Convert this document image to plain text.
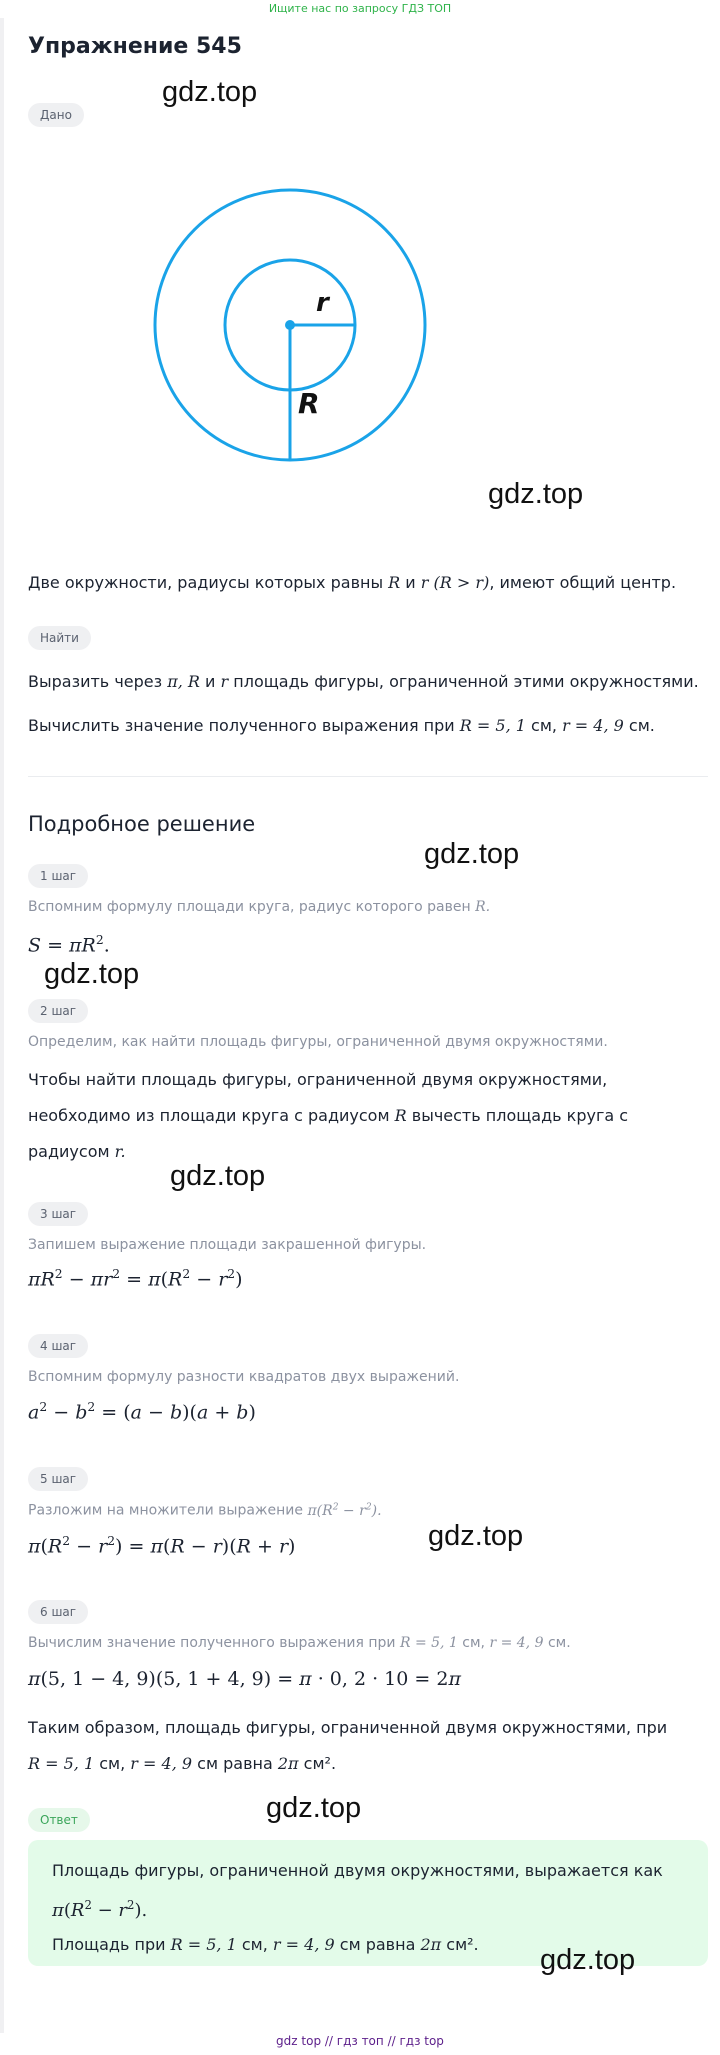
Ищите нас по запросу ГДЗ ТОП
Упражнение 545
Дано
r
R
Две окружности, радиусы которых равны R и r (R > r), имеют общий центр.
Найти
Выразить через π, R и r площадь фигуры, ограниченной этими окружностями.
Вычислить значение полученного выражения при R = 5, 1 см, r = 4, 9 см.
Подробное решение
1 шаг
Вспомним формулу площади круга, радиус которого равен R.
$S = \pi R^2$.
2 шаг
Определим, как найти площадь фигуры, ограниченной двумя окружностями.
Чтобы найти площадь фигуры, ограниченной двумя окружностями,
необходимо из площади круга с радиусом R вычесть площадь круга с
радиусом r.
3 шаг
Запишем выражение площади закрашенной фигуры.
$\pi R^2 - \pi r^2 = \pi(R^2 - r^2)$
4 шаг
Вспомним формулу разности квадратов двух выражений.
$a^2 - b^2 = (a - b)(a + b)$
5 шаг
Разложим на множители выражение $\pi(R^2 - r^2)$.
$\pi(R^2 - r^2) = \pi(R - r)(R + r)$
6 шаг
Вычислим значение полученного выражения при R = 5, 1 см, r = 4, 9 см.
π(5, 1 − 4, 9)(5, 1 + 4, 9) = π · 0, 2 · 10 = 2π
Таким образом, площадь фигуры, ограниченной двумя окружностями, при
R = 5, 1 см, r = 4, 9 см равна 2π см².
Ответ
Площадь фигуры, ограниченной двумя окружностями, выражается как
$\pi(R^2 - r^2)$.
Площадь при R = 5, 1 см, r = 4, 9 см равна 2π см².
gdz.top
gdz.top
gdz.top
gdz.top
gdz.top
gdz.top
gdz.top
gdz.top
gdz top // гдз топ // гдз top
